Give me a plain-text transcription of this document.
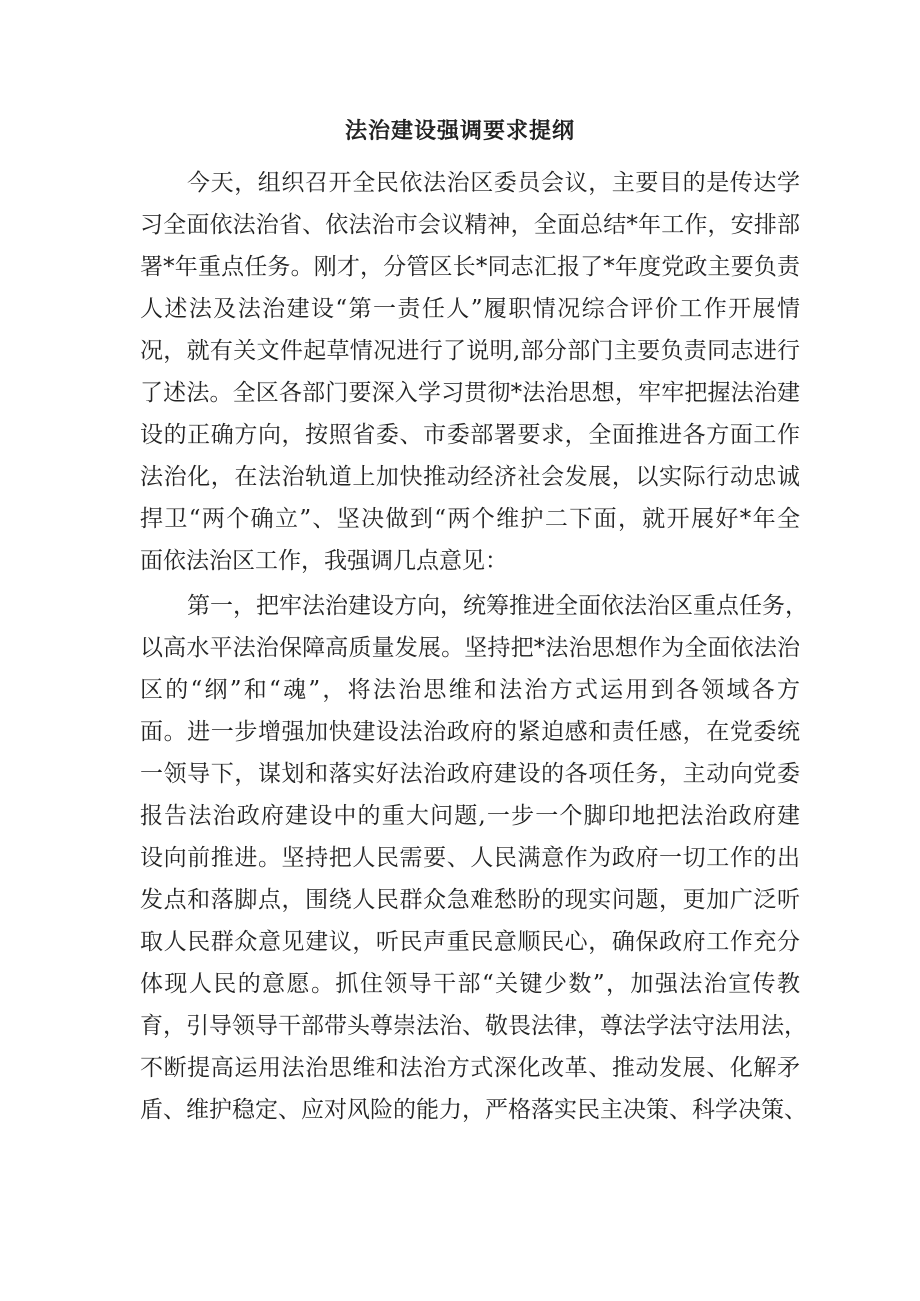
法治建设强调要求提纲
今天，组织召开全民依法治区委员会议，主要目的是传达学
习全面依法治省、依法治市会议精神，全面总结*年工作，安排部
署*年重点任务。刚才，分管区长*同志汇报了*年度党政主要负责
人述法及法治建设“第一责任人”履职情况综合评价工作开展情
况，就有关文件起草情况进行了说明,部分部门主要负责同志进行
了述法。全区各部门要深入学习贯彻*法治思想，牢牢把握法治建
设的正确方向，按照省委、市委部署要求，全面推进各方面工作
法治化，在法治轨道上加快推动经济社会发展，以实际行动忠诚
捍卫“两个确立”、坚决做到“两个维护二下面，就开展好*年全
面依法治区工作，我强调几点意见：
第一，把牢法治建设方向，统筹推进全面依法治区重点任务，
以高水平法治保障高质量发展。坚持把*法治思想作为全面依法治
区的“纲”和“魂”，将法治思维和法治方式运用到各领域各方
面。进一步增强加快建设法治政府的紧迫感和责任感，在党委统
一领导下，谋划和落实好法治政府建设的各项任务，主动向党委
报告法治政府建设中的重大问题,一步一个脚印地把法治政府建
设向前推进。坚持把人民需要、人民满意作为政府一切工作的出
发点和落脚点，围绕人民群众急难愁盼的现实问题，更加广泛听
取人民群众意见建议，听民声重民意顺民心，确保政府工作充分
体现人民的意愿。抓住领导干部“关键少数”，加强法治宣传教
育，引导领导干部带头尊崇法治、敬畏法律，尊法学法守法用法，
不断提高运用法治思维和法治方式深化改革、推动发展、化解矛
盾、维护稳定、应对风险的能力，严格落实民主决策、科学决策、
